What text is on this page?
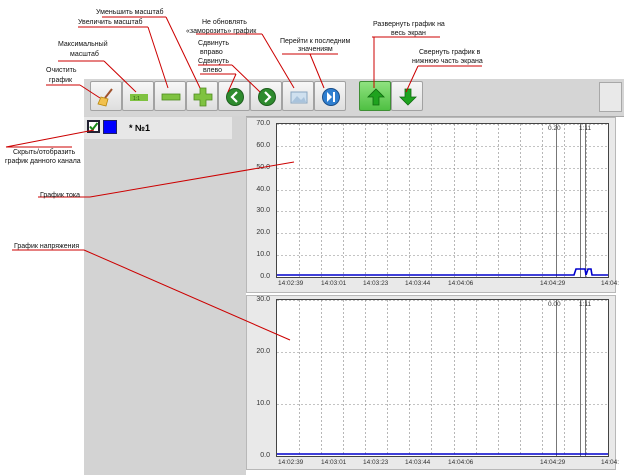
1:1
* №1	0.20	1:11
70.0
60.0
50.0
40.0
30.0
20.0
10.0
0.0
14:02:39	14:03:01	14:03:23	14:03:44	14:04:06	14:04:29	14:04:
0.00	1:11
30.0
20.0
10.0
0.0
14:02:39	14:03:01	14:03:23	14:03:44	14:04:06	14:04:29	14:04:
Уменьшить масштаб
Увеличить масштаб	Не обновлять
«заморозить» график
Перейти к последним
значениям
Развернуть график на
весь экран
Максимальный
масштаб
Сдвинуть
вправо	Свернуть график в
нижнюю часть экрана
Очистить
график
Сдвинуть
влево
Скрыть/отобразить
график данного канала
График тока
График напряжения
